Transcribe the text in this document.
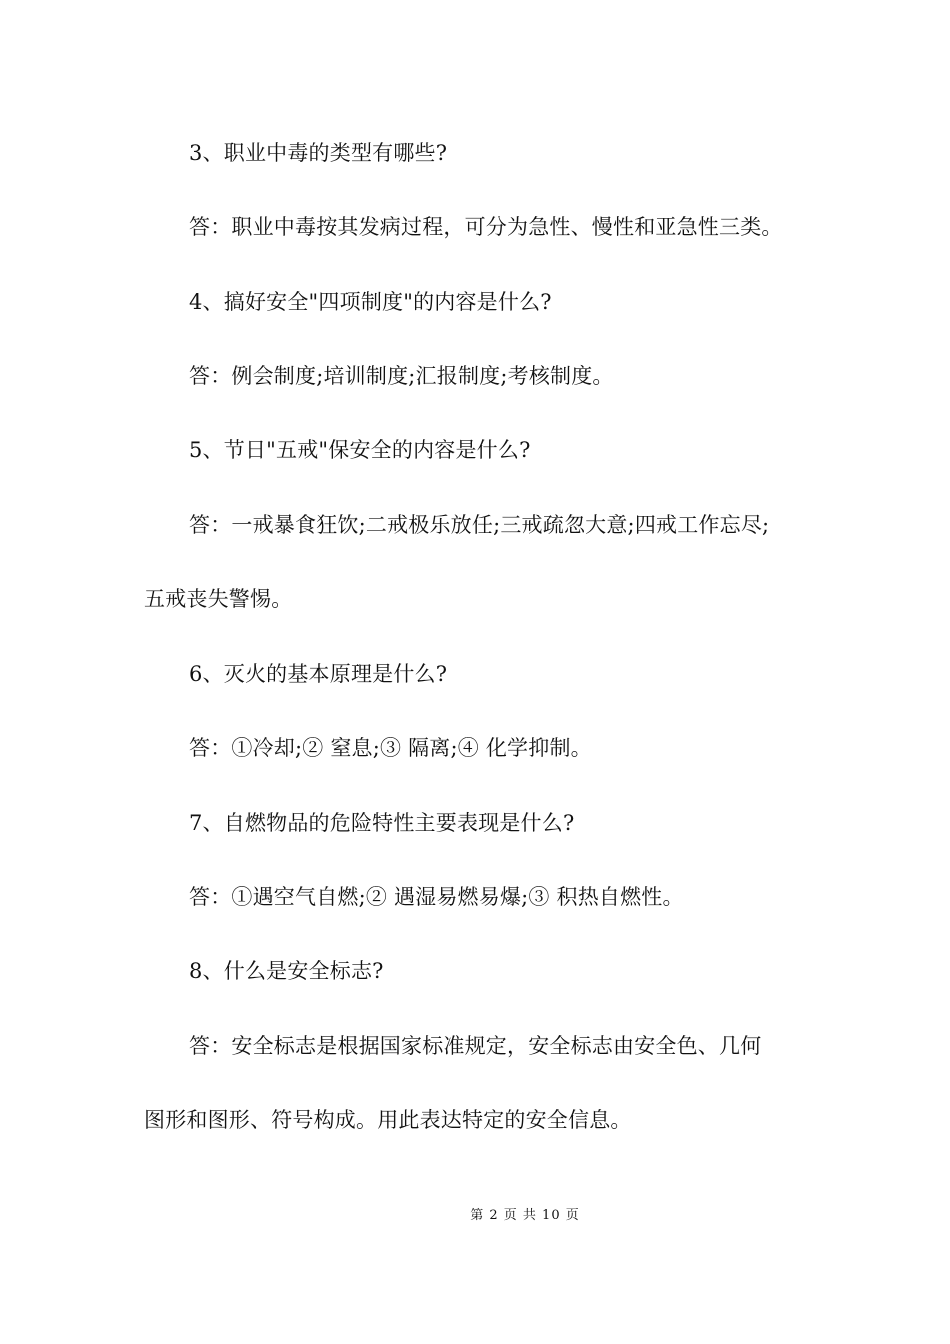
3、职业中毒的类型有哪些?
答：职业中毒按其发病过程，可分为急性、慢性和亚急性三类。
4、搞好安全"四项制度"的内容是什么?
答：例会制度;培训制度;汇报制度;考核制度。
5、节日"五戒"保安全的内容是什么?
答：一戒暴食狂饮;二戒极乐放任;三戒疏忽大意;四戒工作忘尽;
五戒丧失警惕。
6、灭火的基本原理是什么?
答：①冷却;② 窒息;③ 隔离;④ 化学抑制。
7、自燃物品的危险特性主要表现是什么?
答：①遇空气自燃;② 遇湿易燃易爆;③ 积热自燃性。
8、什么是安全标志?
答：安全标志是根据国家标准规定，安全标志由安全色、几何
图形和图形、符号构成。用此表达特定的安全信息。
第 2 页 共 10 页
